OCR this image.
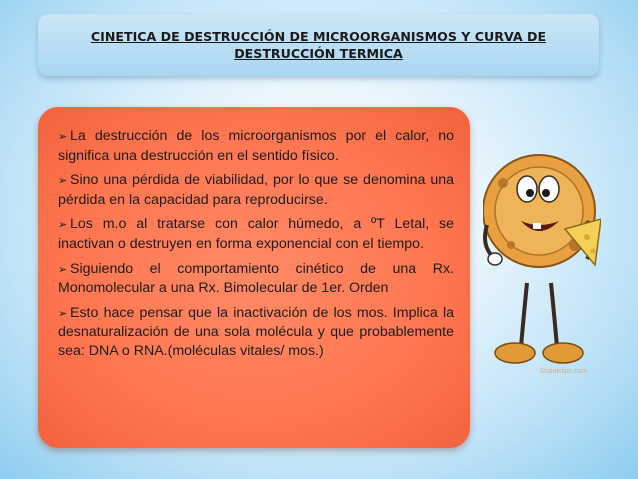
CINETICA DE DESTRUCCIÓN DE MICROORGANISMOS Y CURVA DE
DESTRUCCIÓN TERMICA

➢ La destrucción de los microorganismos por el calor, no significa una destrucción en el sentido físico.

➢ Sino una pérdida de viabilidad, por lo que se denomina una pérdida en la capacidad para reproducirse.

➢ Los m.o al tratarse con calor húmedo, a ºT Letal, se inactivan o destruyen en forma exponencial con el tiempo.

➢ Siguiendo el comportamiento cinético de una Rx. Monomolecular a una Rx. Bimolecular de 1er. Orden

➢ Esto hace pensar que la inactivación de los mos. Implica la desnaturalización de una sola molécula y que probablemente sea: DNA o RNA.(moléculas vitales/ mos.)

©coolclips.com
